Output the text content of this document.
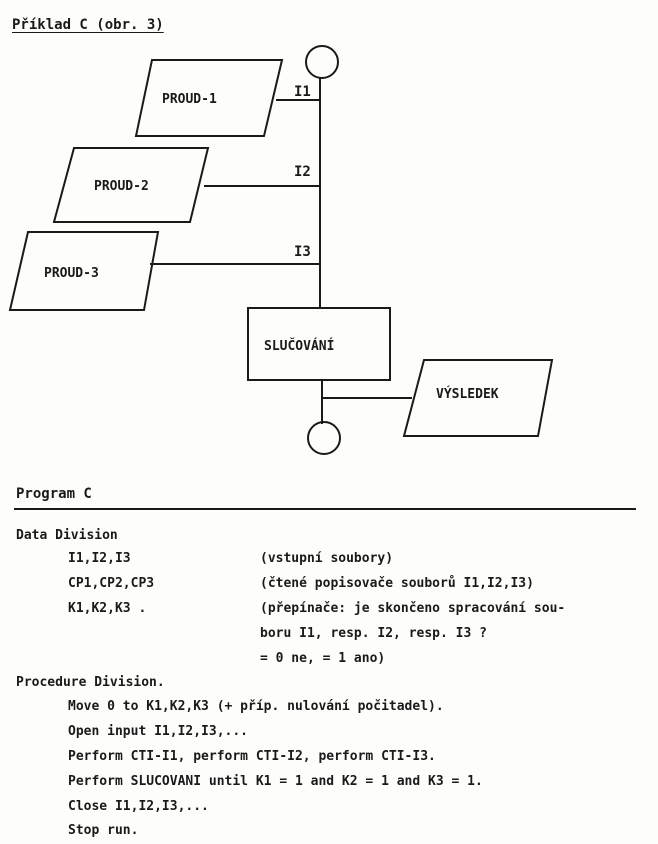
Příklad C (obr. 3)
PROUD-1
PROUD-2
PROUD-3
I1
I2
I3
SLUČOVÁNÍ
VÝSLEDEK
Program C
Data Division
I1,I2,I3	(vstupní soubory)
CP1,CP2,CP3	(čtené popisovače souborů I1,I2,I3)
K1,K2,K3 .	(přepínače: je skončeno spracování sou-
boru I1, resp. I2, resp. I3 ?
= 0 ne, = 1 ano)
Procedure Division.
Move 0 to K1,K2,K3 (+ příp. nulování počitadel).
Open input I1,I2,I3,...
Perform CTI-I1, perform CTI-I2, perform CTI-I3.
Perform SLUCOVANI until K1 = 1 and K2 = 1 and K3 = 1.
Close I1,I2,I3,...
Stop run.
